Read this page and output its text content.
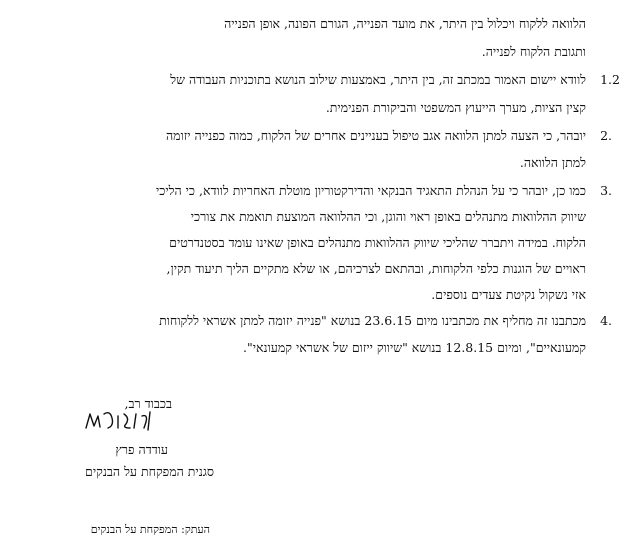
הלוואה ללקוח ויכלול בין היתר, את מועד הפנייה, הגורם הפונה, אופן הפנייה
ותגובת הלקוח לפנייה.
1.2
לוודא יישום האמור במכתב זה, בין היתר, באמצעות שילוב הנושא בתוכניות העבודה של
קצין הציות, מערך הייעוץ המשפטי והביקורת הפנימית.
2.
יובהר, כי הצעה למתן הלוואה אגב טיפול בעניינים אחרים של הלקוח, כמוה כפנייה יזומה
למתן הלוואה.
3.
כמו כן, יובהר כי על הנהלת התאגיד הבנקאי והדירקטוריון מוטלת האחריות לוודא, כי הליכי
שיווק ההלוואות מתנהלים באופן ראוי והוגן, וכי ההלוואה המוצעת תואמת את צורכי
הלקוח. במידה ויתברר שהליכי שיווק ההלוואות מתנהלים באופן שאינו עומד בסטנדרטים
ראויים של הוגנות כלפי הלקוחות, ובהתאם לצרכיהם, או שלא מתקיים הליך תיעוד תקין,
אזי נשקול נקיטת צעדים נוספים.
4.
מכתבנו זה מחליף את מכתבינו מיום 23.6.15 בנושא "פנייה יזומה למתן אשראי ללקוחות
קמעונאיים", ומיום 12.8.15 בנושא "שיווק ייזום של אשראי קמעונאי".
בכבוד רב,
עודדה פרץ
סגנית המפקחת על הבנקים
העתק: המפקחת על הבנקים
